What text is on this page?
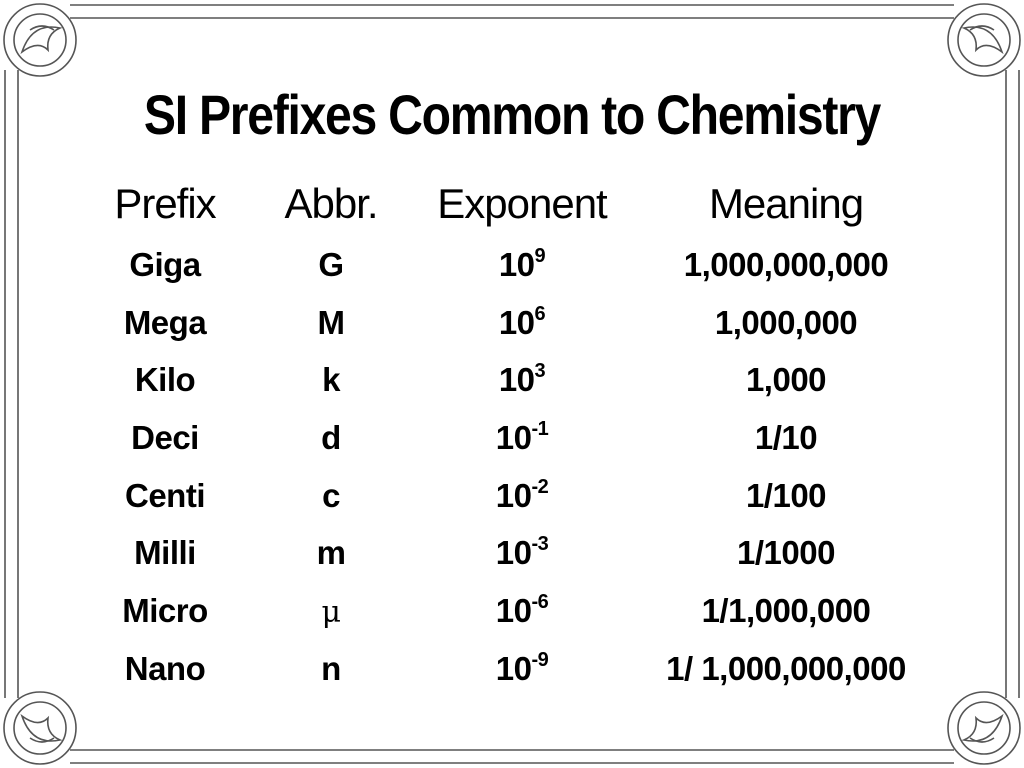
SI Prefixes Common to Chemistry
Prefix	Abbr.	Exponent	Meaning
Giga	G	$10^9$	1,000,000,000
Mega	M	$10^6$	1,000,000
Kilo	k	$10^3$	1,000
Deci	d	$10^{-1}$	1/10
Centi	c	$10^{-2}$	1/100
Milli	m	$10^{-3}$	1/1000
Micro	μ	$10^{-6}$	1/1,000,000
Nano	n	$10^{-9}$	1/ 1,000,000,000
